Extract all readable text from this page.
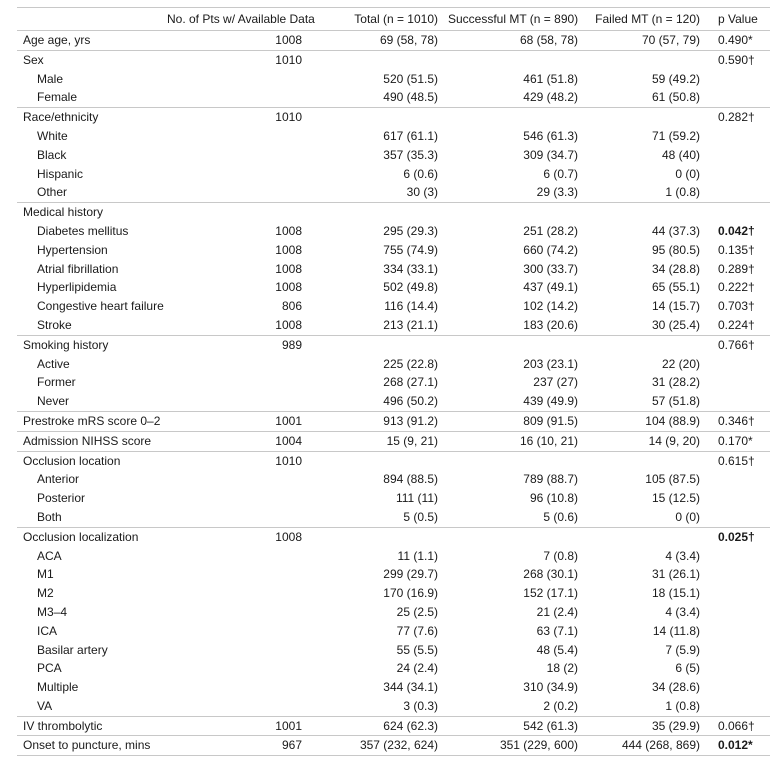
	No. of Pts w/ Available Data	Total (n = 1010)	Successful MT (n = 890)	Failed MT (n = 120)	p Value
Age age, yrs	1008	69 (58, 78)	68 (58, 78)	70 (57, 79)	0.490*
Sex	1010				0.590†
Male		520 (51.5)	461 (51.8)	59 (49.2)	
Female		490 (48.5)	429 (48.2)	61 (50.8)	
Race/ethnicity	1010				0.282†
White		617 (61.1)	546 (61.3)	71 (59.2)	
Black		357 (35.3)	309 (34.7)	48 (40)	
Hispanic		6 (0.6)	6 (0.7)	0 (0)	
Other		30 (3)	29 (3.3)	1 (0.8)	
Medical history					
Diabetes mellitus	1008	295 (29.3)	251 (28.2)	44 (37.3)	0.042†
Hypertension	1008	755 (74.9)	660 (74.2)	95 (80.5)	0.135†
Atrial fibrillation	1008	334 (33.1)	300 (33.7)	34 (28.8)	0.289†
Hyperlipidemia	1008	502 (49.8)	437 (49.1)	65 (55.1)	0.222†
Congestive heart failure	806	116 (14.4)	102 (14.2)	14 (15.7)	0.703†
Stroke	1008	213 (21.1)	183 (20.6)	30 (25.4)	0.224†
Smoking history	989				0.766†
Active		225 (22.8)	203 (23.1)	22 (20)	
Former		268 (27.1)	237 (27)	31 (28.2)	
Never		496 (50.2)	439 (49.9)	57 (51.8)	
Prestroke mRS score 0–2	1001	913 (91.2)	809 (91.5)	104 (88.9)	0.346†
Admission NIHSS score	1004	15 (9, 21)	16 (10, 21)	14 (9, 20)	0.170*
Occlusion location	1010				0.615†
Anterior		894 (88.5)	789 (88.7)	105 (87.5)	
Posterior		111 (11)	96 (10.8)	15 (12.5)	
Both		5 (0.5)	5 (0.6)	0 (0)	
Occlusion localization	1008				0.025†
ACA		11 (1.1)	7 (0.8)	4 (3.4)	
M1		299 (29.7)	268 (30.1)	31 (26.1)	
M2		170 (16.9)	152 (17.1)	18 (15.1)	
M3–4		25 (2.5)	21 (2.4)	4 (3.4)	
ICA		77 (7.6)	63 (7.1)	14 (11.8)	
Basilar artery		55 (5.5)	48 (5.4)	7 (5.9)	
PCA		24 (2.4)	18 (2)	6 (5)	
Multiple		344 (34.1)	310 (34.9)	34 (28.6)	
VA		3 (0.3)	2 (0.2)	1 (0.8)	
IV thrombolytic	1001	624 (62.3)	542 (61.3)	35 (29.9)	0.066†
Onset to puncture, mins	967	357 (232, 624)	351 (229, 600)	444 (268, 869)	0.012*
